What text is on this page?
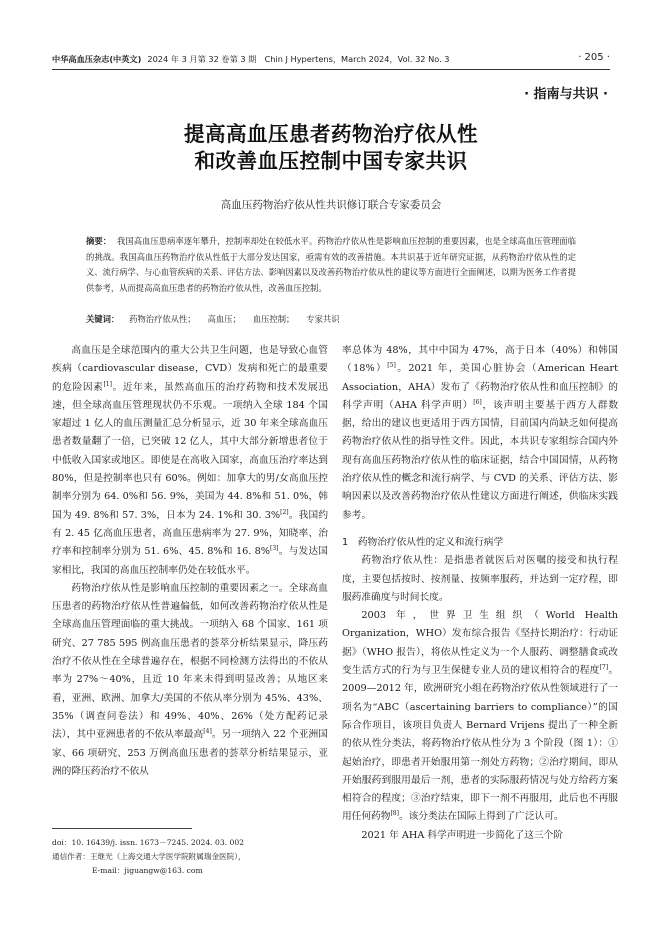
中华高血压杂志(中英文) 2024 年 3 月第 32 卷第 3 期　Chin J Hypertens，March 2024，Vol. 32 No. 3	· 205 ·
· 指南与共识 ·
提高高血压患者药物治疗依从性
和改善血压控制中国专家共识
高血压药物治疗依从性共识修订联合专家委员会
摘要： 我国高血压患病率逐年攀升，控制率却处在较低水平。药物治疗依从性是影响血压控制的重要因素，也是全球高血压管理面临的挑战。我国高血压药物治疗依从性低于大部分发达国家，亟需有效的改善措施。本共识基于近年研究证据，从药物治疗依从性的定义、流行病学、与心血管疾病的关系、评估方法、影响因素以及改善药物治疗依从性的建议等方面进行全面阐述，以期为医务工作者提供参考，从而提高高血压患者的药物治疗依从性，改善血压控制。
关键词： 药物治疗依从性； 高血压； 血压控制； 专家共识

高血压是全球范围内的重大公共卫生问题，也是导致心血管疾病（cardiovascular disease，CVD）发病和死亡的最重要的危险因素[1]。近年来，虽然高血压的治疗药物和技术发展迅速，但全球高血压管理现状仍不乐观。一项纳入全球 184 个国家超过 1 亿人的血压测量汇总分析显示，近 30 年来全球高血压患者数量翻了一倍，已突破 12 亿人，其中大部分新增患者位于中低收入国家或地区。即使是在高收入国家，高血压治疗率达到 80%，但是控制率也只有 60%。例如：加拿大的男/女高血压控制率分别为 64. 0%和 56. 9%，美国为 44. 8%和 51. 0%，韩国为 49. 8%和 57. 3%，日本为 24. 1%和 30. 3%[2]。我国约有 2. 45 亿高血压患者，高血压患病率为 27. 9%，知晓率、治疗率和控制率分别为 51. 6%、45. 8%和 16. 8%[3]。与发达国家相比，我国的高血压控制率仍处在较低水平。

药物治疗依从性是影响血压控制的重要因素之一。全球高血压患者的药物治疗依从性普遍偏低，如何改善药物治疗依从性是全球高血压管理面临的重大挑战。一项纳入 68 个国家、161 项研究、27 785 595 例高血压患者的荟萃分析结果显示，降压药治疗不依从性在全球普遍存在，根据不同检测方法得出的不依从率为 27%～40%，且近 10 年来未得到明显改善；从地区来看，亚洲、欧洲、加拿大/美国的不依从率分别为 45%、43%、35%（调查问卷法）和 49%、40%、26%（处方配药记录法），其中亚洲患者的不依从率最高[4]。另一项纳入 22 个亚洲国家、66 项研究、253 万例高血压患者的荟萃分析结果显示，亚洲的降压药治疗不依从

率总体为 48%，其中中国为 47%，高于日本（40%）和韩国（18%）[5]。2021 年，美国心脏协会（American Heart Association，AHA）发布了《药物治疗依从性和血压控制》的科学声明（AHA 科学声明）[6]，该声明主要基于西方人群数据，给出的建议也更适用于西方国情，目前国内尚缺乏如何提高药物治疗依从性的指导性文件。因此，本共识专家组综合国内外现有高血压药物治疗依从性的临床证据，结合中国国情，从药物治疗依从性的概念和流行病学、与 CVD 的关系、评估方法、影响因素以及改善药物治疗依从性建议方面进行阐述，供临床实践参考。

1　药物治疗依从性的定义和流行病学

药物治疗依从性：是指患者就医后对医嘱的接受和执行程度，主要包括按时、按剂量、按频率服药，并达到一定疗程，即服药准确度与时间长度。

2003 年，世界卫生组织（World Health Organization，WHO）发布综合报告《坚持长期治疗：行动证据》（WHO 报告），将依从性定义为一个人服药、调整膳食或改变生活方式的行为与卫生保健专业人员的建议相符合的程度[7]。2009—2012 年，欧洲研究小组在药物治疗依从性领域进行了一项名为“ABC（ascertaining barriers to compliance）”的国际合作项目，该项目负责人 Bernard Vrijens 提出了一种全新的依从性分类法，将药物治疗依从性分为 3 个阶段（图 1）：①起始治疗，即患者开始服用第一剂处方药物；②治疗期间，即从开始服药到服用最后一剂，患者的实际服药情况与处方给药方案相符合的程度；③治疗结束，即下一剂不再服用，此后也不再服用任何药物[8]。该分类法在国际上得到了广泛认可。

2021 年 AHA 科学声明进一步简化了这三个阶

doi：10. 16439/j. issn. 1673－7245. 2024. 03. 002
通信作者：王继光（上海交通大学医学院附属瑞金医院），
E-mail：jiguangw@163. com
